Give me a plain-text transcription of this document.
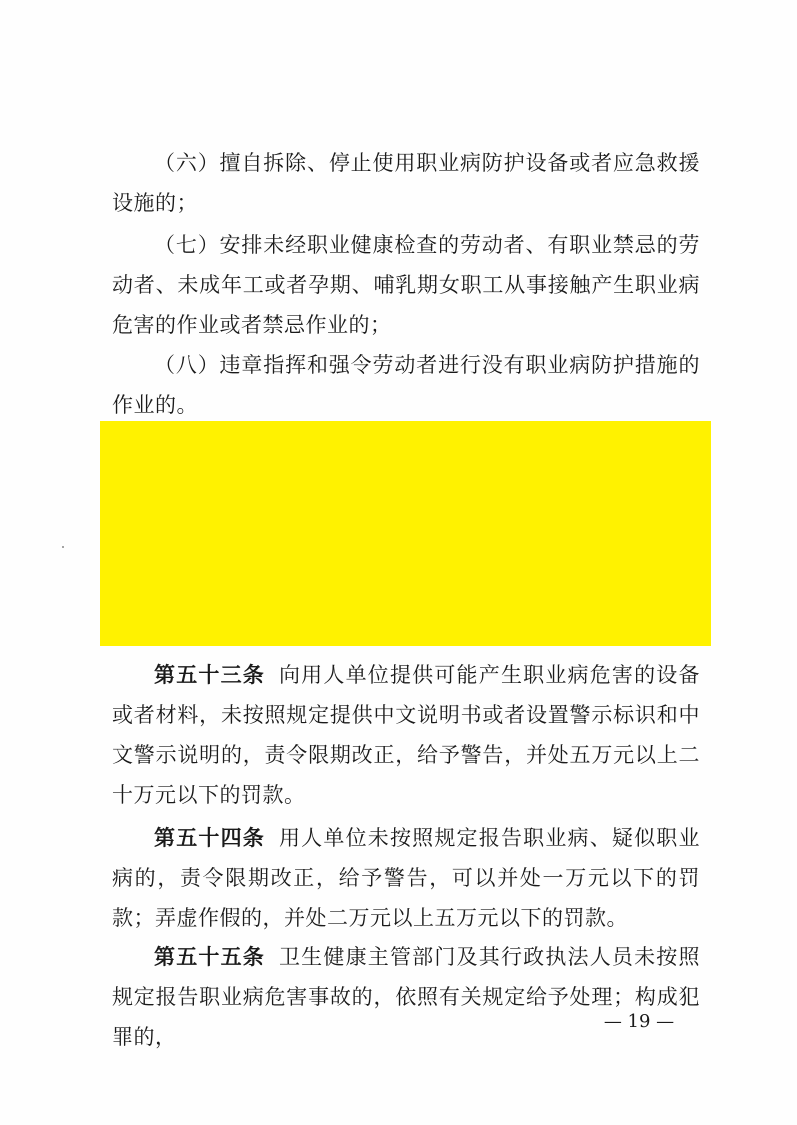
（六）擅自拆除、停止使用职业病防护设备或者应急救援设施的；

（七）安排未经职业健康检查的劳动者、有职业禁忌的劳动者、未成年工或者孕期、哺乳期女职工从事接触产生职业病危害的作业或者禁忌作业的；

（八）违章指挥和强令劳动者进行没有职业病防护措施的作业的。

第五十三条 向用人单位提供可能产生职业病危害的设备或者材料，未按照规定提供中文说明书或者设置警示标识和中文警示说明的，责令限期改正，给予警告，并处五万元以上二十万元以下的罚款。

第五十四条 用人单位未按照规定报告职业病、疑似职业病的，责令限期改正，给予警告，可以并处一万元以下的罚款；弄虚作假的，并处二万元以上五万元以下的罚款。

第五十五条 卫生健康主管部门及其行政执法人员未按照规定报告职业病危害事故的，依照有关规定给予处理；构成犯罪的，

— 19 —
